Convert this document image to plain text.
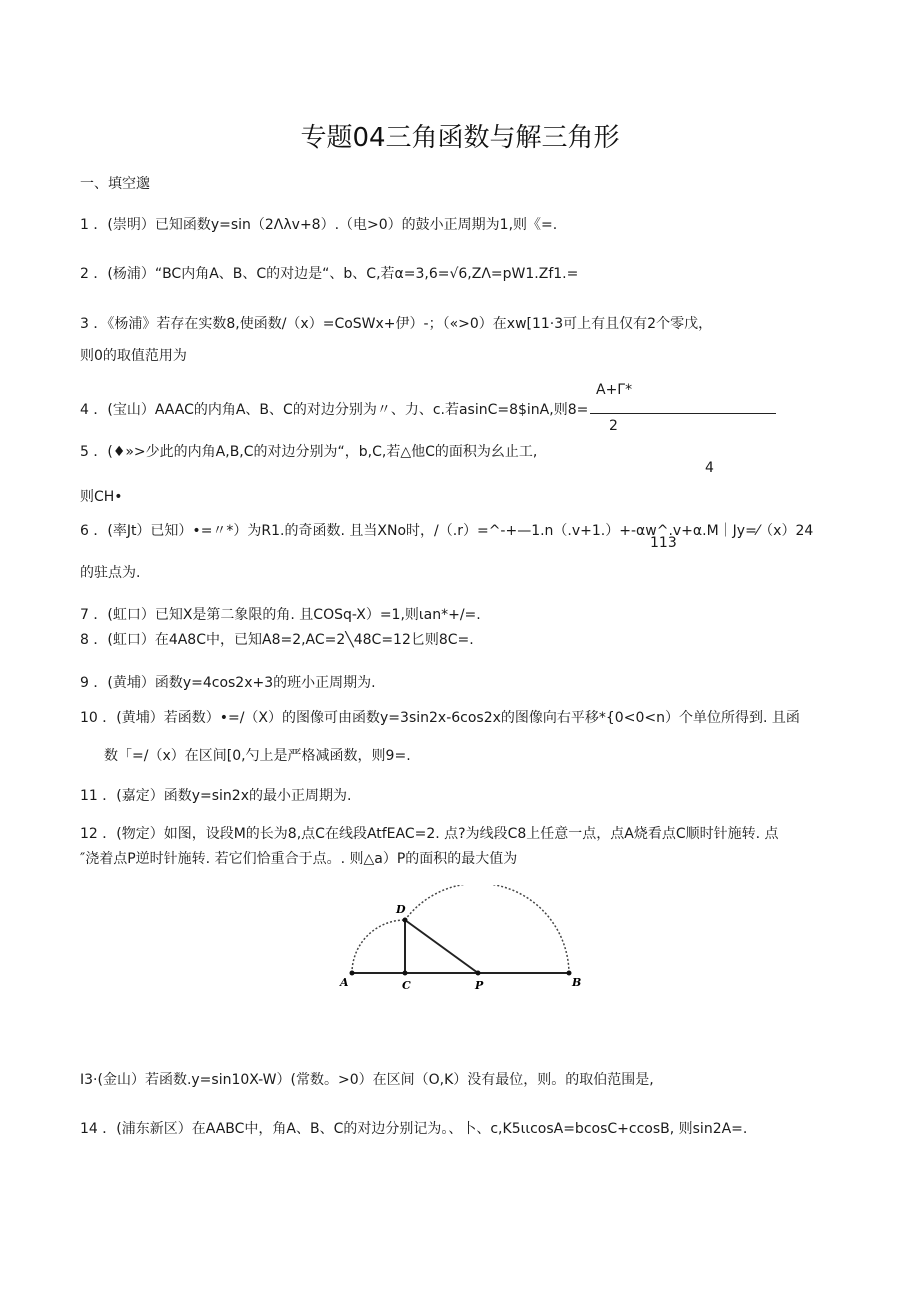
专题04三角函数与解三角形
一、填空邈
1 ．(崇明）已知函数y=sin（2Λλv+8）.（电>0）的鼓小正周期为1,则《=.
2 ．(杨浦）“BC内角A、B、C的对边是“、b、C,若α=3,6=√6,ZΛ=pW1.Zf1.=
3 ．《杨浦》若存在实数8,使函数/（x）=CoSWx+伊）-；（«>0）在xw[11·3可上有且仅有2个零戊，
则0的取值范用为
A+Γ*
4 ．(宝山）AAAC的内角A、B、C的对边分别为〃、力、c.若asinC=8$inA,则8=
2
5 ．(♦»>少此的内角A,B,C的对边分别为“，b,C,若△他C的面积为幺止工,
4
则CH•
6 ．(率Jt）已知）•=〃*）为R1.的奇函数. 且当XNo时，/（.r）=^-+—1.n（.v+1.）+-αw^.v+α.M｜Jy=⁄（x）24
113
的驻点为.
7 ．(虹口）已知X是第二象限的角. 且COSq-X）=1,则ιan*+/=.
8 ．(虹口）在4A8C中，已知A8=2,AC=2╲48C=12匕则8C=.
9 ．(黄埔）函数y=4cos2x+3的班小正周期为.
10 ．(黄埔）若函数）•=/（X）的图像可由函数y=3sin2x-6cos2x的图像向右平移*{0<0<n）个单位所得到. 且函
数「=/（x）在区间[0,勺上是严格减函数，则9=.
11 ．(嘉定）函数y=sin2x的最小正周期为.
12 ．(物定）如图，设段M的长为8,点C在线段AtfEAC=2. 点?为线段C8上任意一点，点A烧看点C顺时针施转. 点
″浇着点P逆时针施转. 若它们恰重合于点。. 则△a）P的面积的最大值为
D
A	C	P	B
I3·(金山）若函数.y=sin10X-W）(常数。>0）在区间（O,K）没有最位，则。的取伯范围是,
14 ．(浦东新区）在AABC中，角A、B、C的对边分别记为。、卜、c,K5ιιcosA=bcosC+ccosB, 则sin2A=.
